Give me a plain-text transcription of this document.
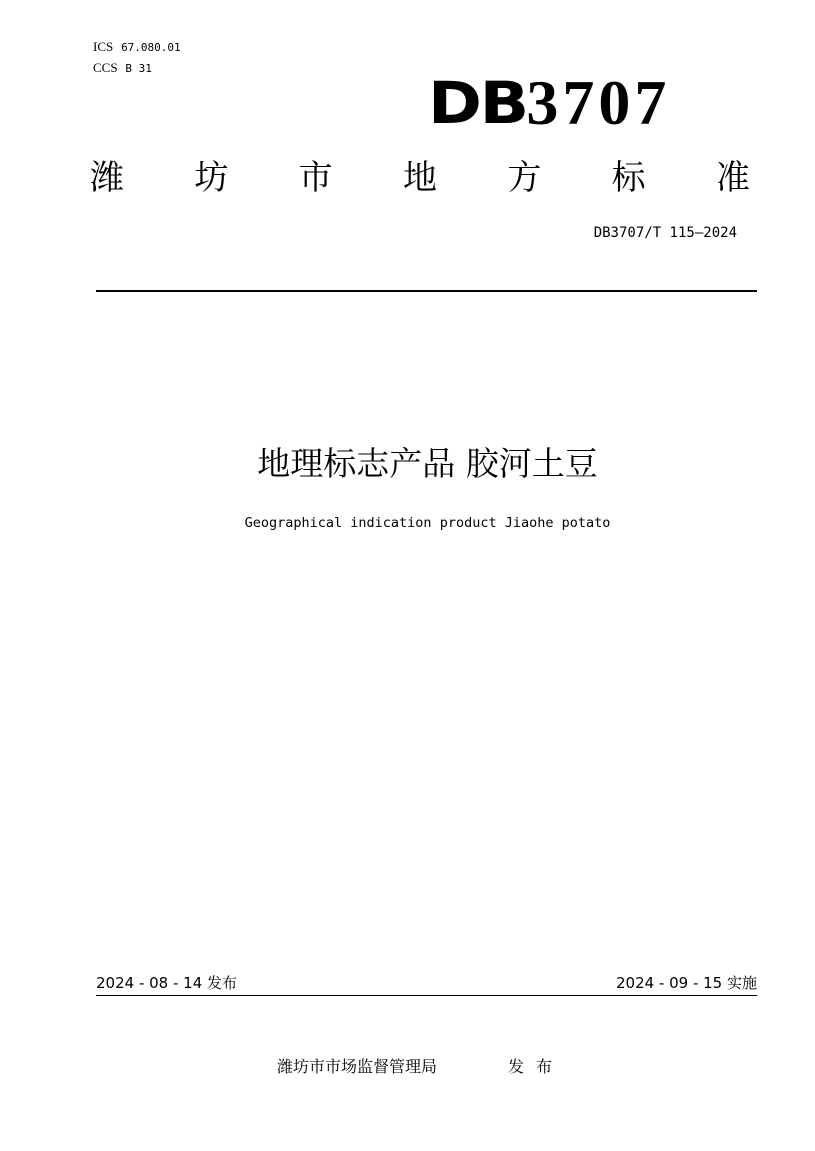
ICS 67.080.01
CCS B 31
DB 3707
潍 坊 市 地 方 标 准
DB3707/T 115—2024
地理标志产品 胶河土豆
Geographical indication product Jiaohe potato
2024 - 08 - 14 发布	2024 - 09 - 15 实施
潍坊市市场监督管理局	发布
